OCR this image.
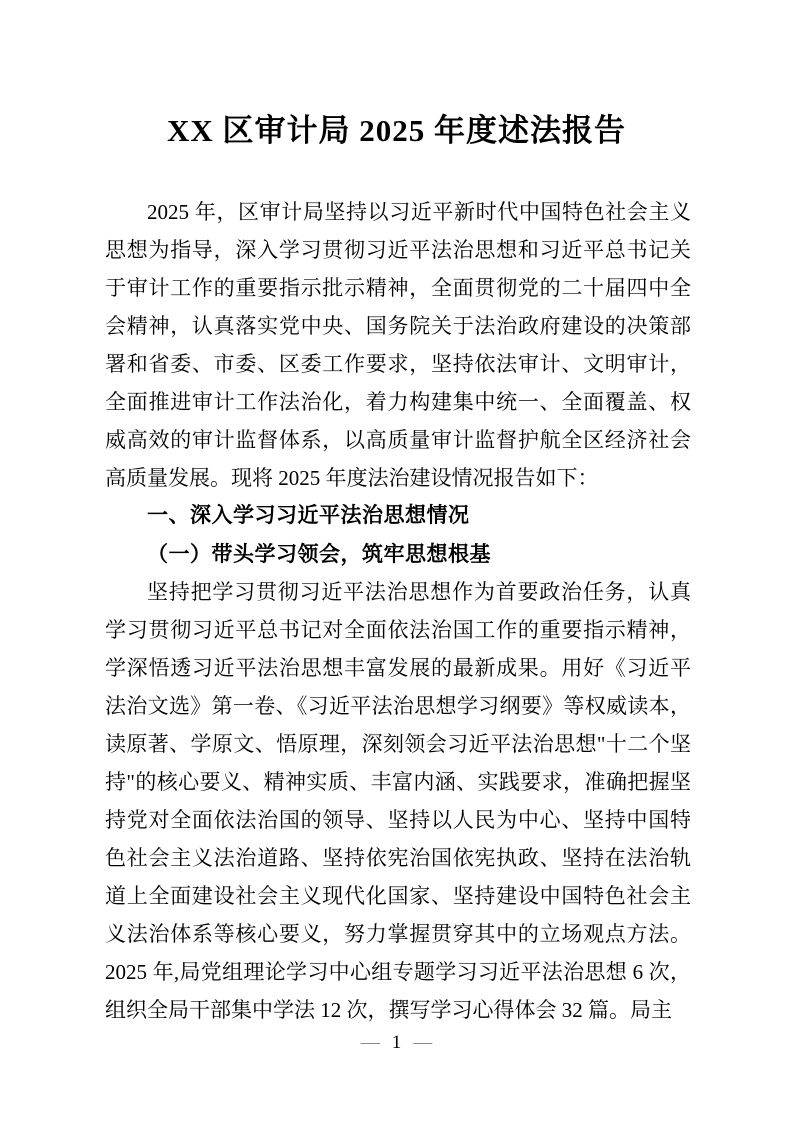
XX 区审计局 2025 年度述法报告

2025 年，区审计局坚持以习近平新时代中国特色社会主义思想为指导，深入学习贯彻习近平法治思想和习近平总书记关于审计工作的重要指示批示精神，全面贯彻党的二十届四中全会精神，认真落实党中央、国务院关于法治政府建设的决策部署和省委、市委、区委工作要求，坚持依法审计、文明审计，全面推进审计工作法治化，着力构建集中统一、全面覆盖、权威高效的审计监督体系，以高质量审计监督护航全区经济社会高质量发展。现将 2025 年度法治建设情况报告如下：

一、深入学习习近平法治思想情况

（一）带头学习领会，筑牢思想根基

坚持把学习贯彻习近平法治思想作为首要政治任务，认真学习贯彻习近平总书记对全面依法治国工作的重要指示精神，学深悟透习近平法治思想丰富发展的最新成果。用好《习近平法治文选》第一卷、《习近平法治思想学习纲要》等权威读本，读原著、学原文、悟原理，深刻领会习近平法治思想"十二个坚持"的核心要义、精神实质、丰富内涵、实践要求，准确把握坚持党对全面依法治国的领导、坚持以人民为中心、坚持中国特色社会主义法治道路、坚持依宪治国依宪执政、坚持在法治轨道上全面建设社会主义现代化国家、坚持建设中国特色社会主义法治体系等核心要义，努力掌握贯穿其中的立场观点方法。2025 年,局党组理论学习中心组专题学习习近平法治思想 6 次，组织全局干部集中学法 12 次，撰写学习心得体会 32 篇。局主

— 1 —
